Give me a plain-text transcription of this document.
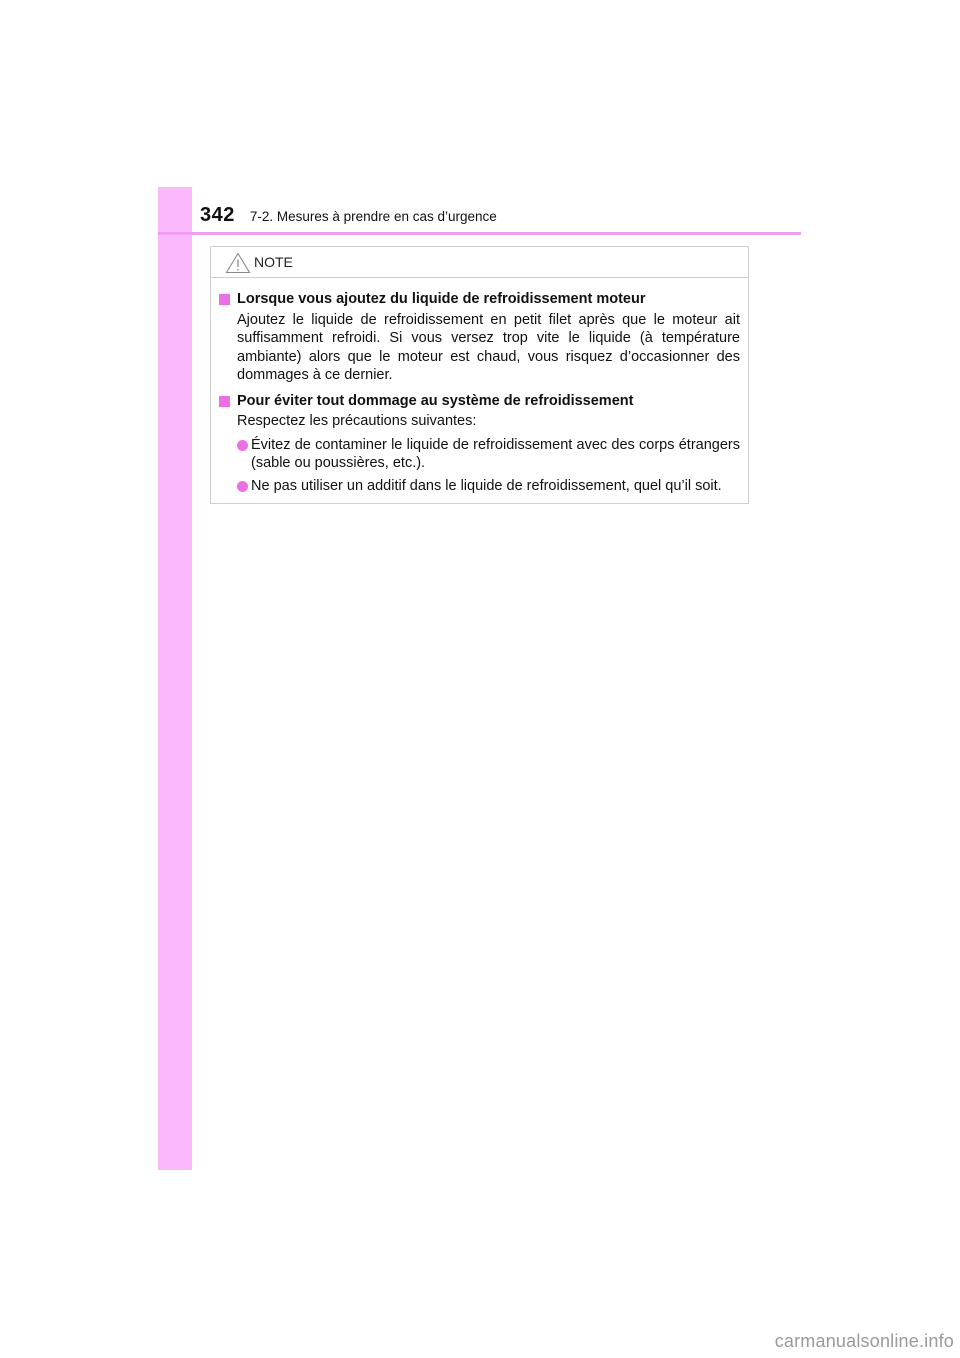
342 7-2. Mesures à prendre en cas d’urgence
NOTE
Lorsque vous ajoutez du liquide de refroidissement moteur
Ajoutez le liquide de refroidissement en petit filet après que le moteur ait suffisamment refroidi. Si vous versez trop vite le liquide (à température ambiante) alors que le moteur est chaud, vous risquez d’occasionner des dommages à ce dernier.
Pour éviter tout dommage au système de refroidissement
Respectez les précautions suivantes:
Évitez de contaminer le liquide de refroidissement avec des corps étrangers (sable ou poussières, etc.).
Ne pas utiliser un additif dans le liquide de refroidissement, quel qu’il soit.
carmanualsonline.info
